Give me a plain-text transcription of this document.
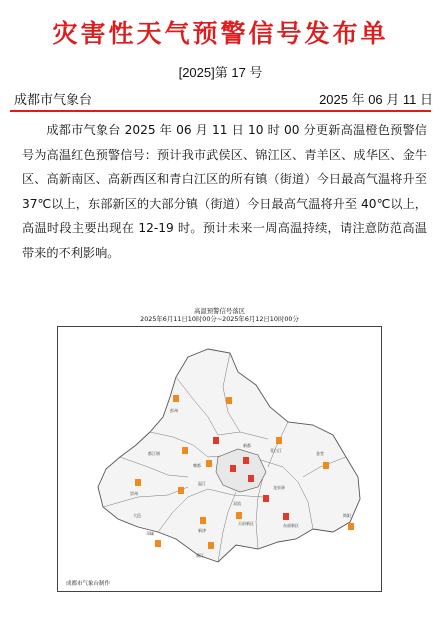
灾害性天气预警信号发布单
[2025]第 17 号
成都市气象台	2025 年 06 月 11 日
成都市气象台 2025 年 06 月 11 日 10 时 00 分更新高温橙色预警信号为高温红色预警信号：预计我市武侯区、锦江区、青羊区、成华区、金牛区、高新南区、高新西区和青白江区的所有镇（街道）今日最高气温将升至 37℃以上，东部新区的大部分镇（街道）今日最高气温将升至 40℃以上，高温时段主要出现在 12-19 时。预计未来一周高温持续，请注意防范高温带来的不利影响。
高温预警信号落区
2025年6月11日10时00分~2025年6月12日10时00分
彭州
都江堰
新都
郫都
青白江
金堂
崇州
大邑
温江
双流
龙泉驿
简阳
邛崃
新津
蒲江
天府新区	东部新区
成都市气象台制作
